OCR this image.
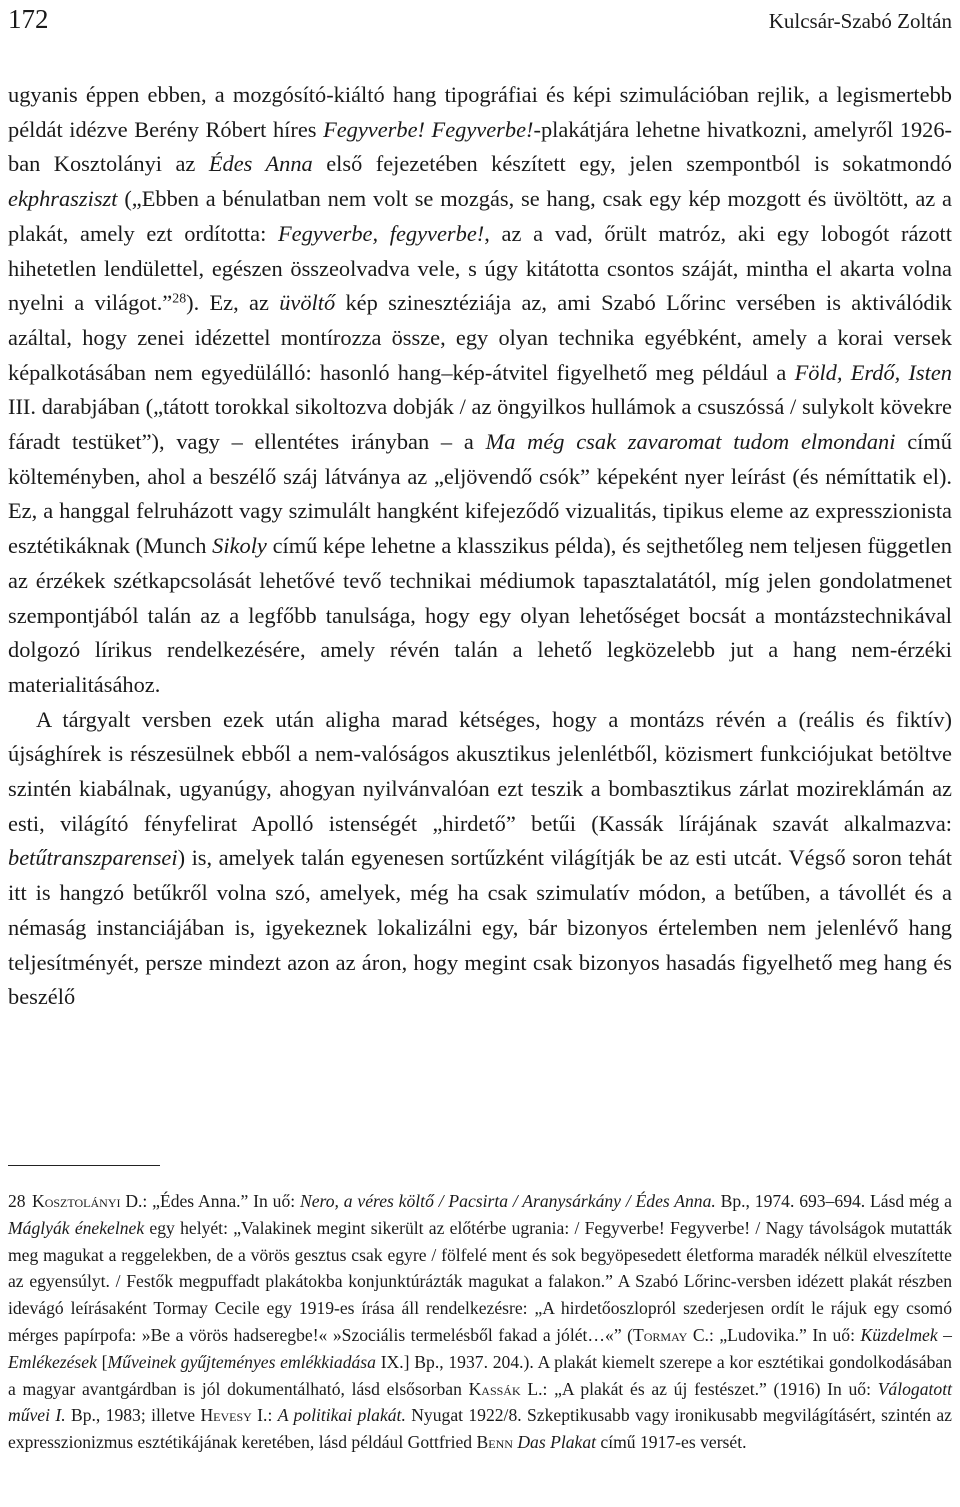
172	Kulcsár-Szabó Zoltán

ugyanis éppen ebben, a mozgósító-kiáltó hang tipográfiai és képi szimulációban rejlik, a legismertebb példát idézve Berény Róbert híres Fegyverbe! Fegyverbe!-plakátjára lehetne hivatkozni, amelyről 1926-ban Kosztolányi az Édes Anna első fejezetében készített egy, jelen szempontból is sokatmondó ekphrasziszt („Ebben a bénulatban nem volt se mozgás, se hang, csak egy kép mozgott és üvöltött, az a plakát, amely ezt ordította: Fegyverbe, fegyverbe!, az a vad, őrült matróz, aki egy lobogót rázott hihetetlen lendülettel, egészen összeolvadva vele, s úgy kitátotta csontos száját, mintha el akarta volna nyelni a világot.”$^{28}$). Ez, az üvöltő kép szinesztéziája az, ami Szabó Lőrinc versében is aktiválódik azáltal, hogy zenei idézettel montírozza össze, egy olyan technika egyébként, amely a korai versek képalkotásában nem egyedülálló: hasonló hang–kép-átvitel figyelhető meg például a Föld, Erdő, Isten III. darabjában („tátott torokkal sikoltozva dobják / az öngyilkos hullámok a csuszóssá / sulykolt kövekre fáradt testüket”), vagy – ellentétes irányban – a Ma még csak zavaromat tudom elmondani című költeményben, ahol a beszélő száj látványa az „eljövendő csók” képeként nyer leírást (és némíttatik el). Ez, a hanggal felruházott vagy szimulált hangként kifejeződő vizualitás, tipikus eleme az expresszionista esztétikáknak (Munch Sikoly című képe lehetne a klasszikus példa), és sejthetőleg nem teljesen független az érzékek szétkapcsolását lehetővé tevő technikai médiumok tapasztalatától, míg jelen gondolatmenet szempontjából talán az a legfőbb tanulsága, hogy egy olyan lehetőséget bocsát a montázstechnikával dolgozó lírikus rendelkezésére, amely révén talán a lehető legközelebb jut a hang nem-érzéki materialitásához.

A tárgyalt versben ezek után aligha marad kétséges, hogy a montázs révén a (reális és fiktív) újsághírek is részesülnek ebből a nem-valóságos akusztikus jelenlétből, közismert funkciójukat betöltve szintén kiabálnak, ugyanúgy, ahogyan nyilvánvalóan ezt teszik a bombasztikus zárlat mozireklámán az esti, világító fényfelirat Apolló istenségét „hirdető” betűi (Kassák lírájának szavát alkalmazva: betűtranszparensei) is, amelyek talán egyenesen sortűzként világítják be az esti utcát. Végső soron tehát itt is hangzó betűkről volna szó, amelyek, még ha csak szimulatív módon, a betűben, a távollét és a némaság instanciájában is, igyekeznek lokalizálni egy, bár bizonyos értelemben nem jelenlévő hang teljesítményét, persze mindezt azon az áron, hogy megint csak bizonyos hasadás figyelhető meg hang és beszélő

28 Kosztolányi D.: „Édes Anna.” In uő: Nero, a véres költő / Pacsirta / Aranysárkány / Édes Anna. Bp., 1974. 693–694. Lásd még a Máglyák énekelnek egy helyét: „Valakinek megint sikerült az előtérbe ugrania: / Fegyverbe! Fegyverbe! / Nagy távolságok mutatták meg magukat a reggelekben, de a vörös gesztus csak egyre / fölfelé ment és sok begyöpesedett életforma maradék nélkül elveszítette az egyensúlyt. / Festők megpuffadt plakátokba konjunktúrázták magukat a falakon.” A Szabó Lőrinc-versben idézett plakát részben idevágó leírásaként Tormay Cecile egy 1919-es írása áll rendelkezésre: „A hirdetőoszlopról szederjesen ordít le rájuk egy csomó mérges papírpofa: »Be a vörös hadseregbe!« »Szociális termelésből fakad a jólét…«” (Tormay C.: „Ludovika.” In uő: Küzdelmek – Emlékezések [Műveinek gyűjteményes emlékkiadása IX.] Bp., 1937. 204.). A plakát kiemelt szerepe a kor esztétikai gondolkodásában a magyar avantgárdban is jól dokumentálható, lásd elsősorban Kassák L.: „A plakát és az új festészet.” (1916) In uő: Válogatott művei I. Bp., 1983; illetve Hevesy I.: A politikai plakát. Nyugat 1922/8. Szkeptikusabb vagy ironikusabb megvilágításért, szintén az expresszionizmus esztétikájának keretében, lásd például Gottfried Benn Das Plakat című 1917-es versét.
